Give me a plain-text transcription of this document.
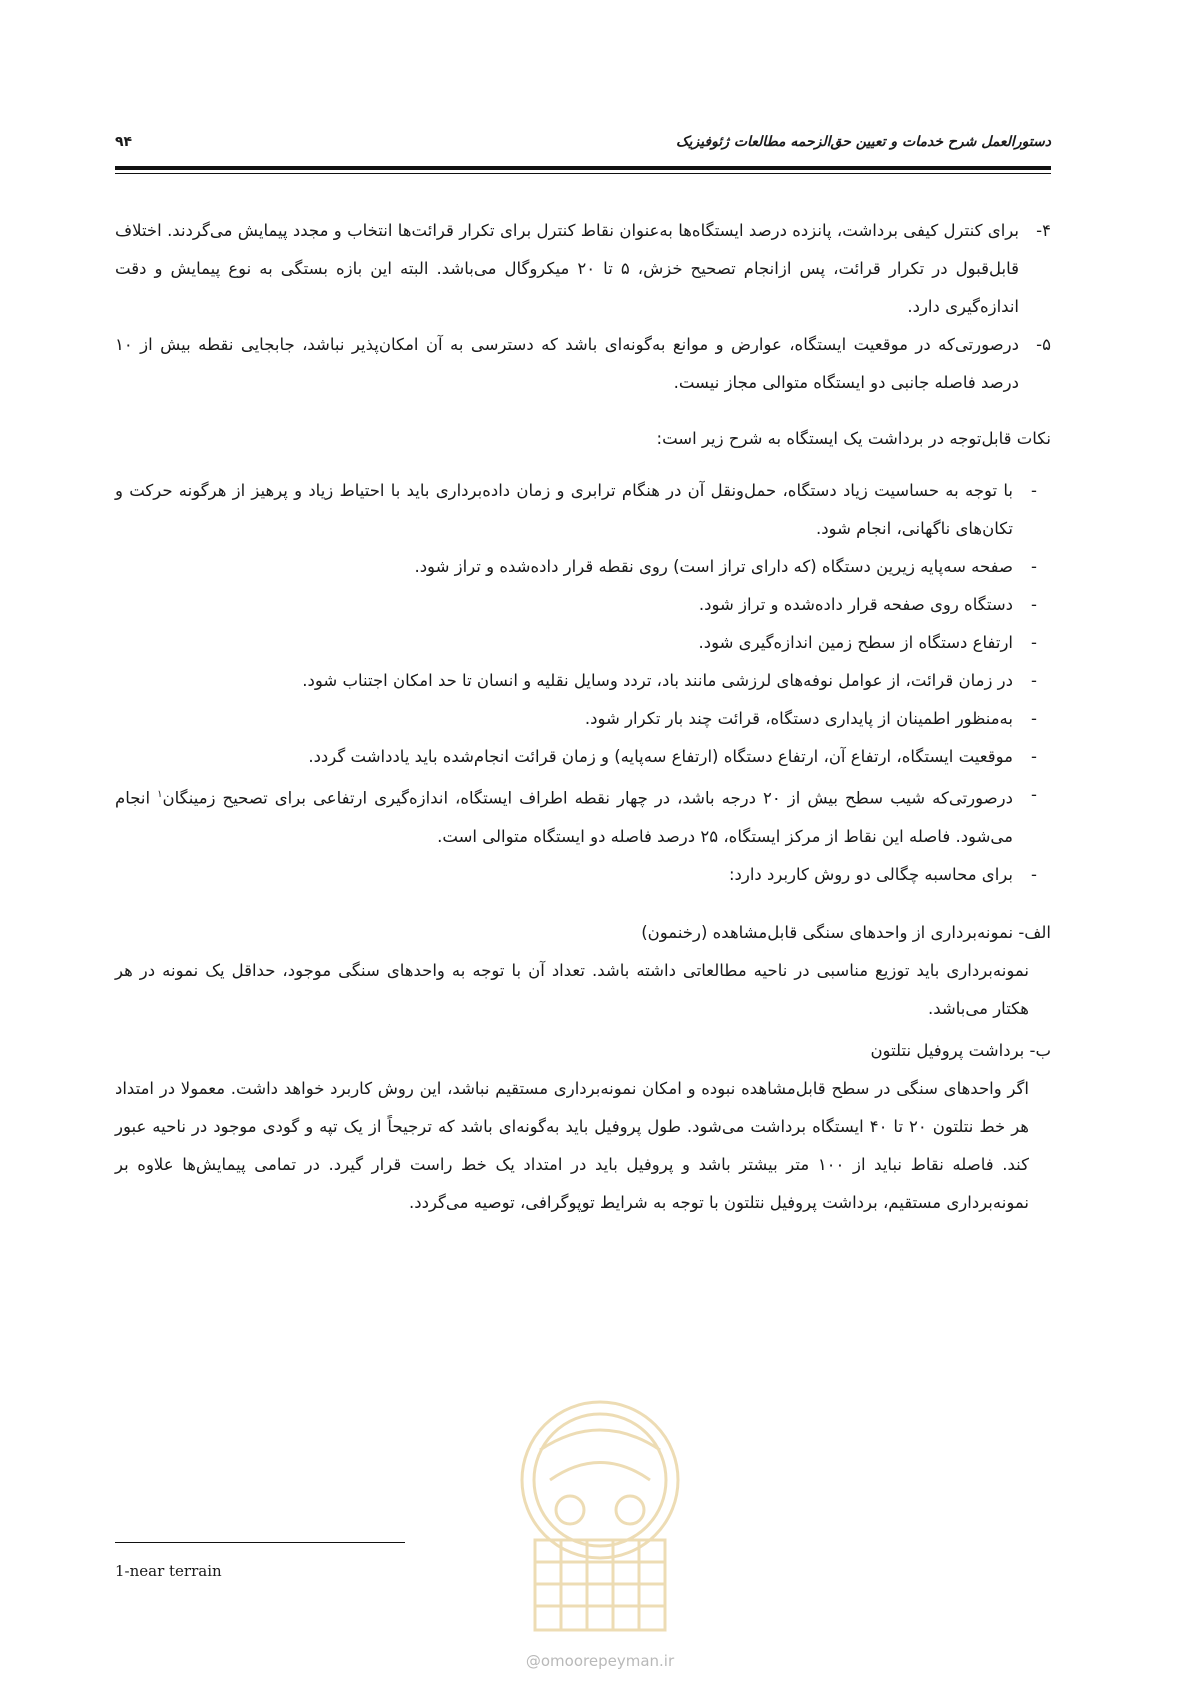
۹۴	دستورالعمل شرح خدمات و تعیین حق‌الزحمه مطالعات ژئوفیزیک
۴-
برای کنترل کیفی برداشت، پانزده درصد ایستگاه‌ها به‌عنوان نقاط کنترل برای تکرار قرائت‌ها انتخاب و مجدد پیمایش می‌گردند. اختلاف قابل‌قبول در تکرار قرائت، پس ازانجام تصحیح خزش، ۵ تا ۲۰ میکروگال می‌باشد. البته این بازه بستگی به نوع پیمایش و دقت اندازه‌گیری دارد.
۵-
درصورتی‌که در موقعیت ایستگاه، عوارض و موانع به‌گونه‌ای باشد که دسترسی به آن امکان‌پذیر نباشد، جابجایی نقطه بیش از ۱۰ درصد فاصله جانبی دو ایستگاه متوالی مجاز نیست.
نکات قابل‌توجه در برداشت یک ایستگاه به شرح زیر است:
-
با توجه به حساسیت زیاد دستگاه، حمل‌ونقل آن در هنگام ترابری و زمان داده‌برداری باید با احتیاط زیاد و پرهیز از هرگونه حرکت و تکان‌های ناگهانی، انجام شود.
-
صفحه سه‌پایه زیرین دستگاه (که دارای تراز است) روی نقطه قرار داده‌شده و تراز شود.
-
دستگاه روی صفحه قرار داده‌شده و تراز شود.
-
ارتفاع دستگاه از سطح زمین اندازه‌گیری شود.
-
در زمان قرائت، از عوامل نوفه‌های لرزشی مانند باد، تردد وسایل نقلیه و انسان تا حد امکان اجتناب شود.
-
به‌منظور اطمینان از پایداری دستگاه، قرائت چند بار تکرار شود.
-
موقعیت ایستگاه، ارتفاع آن، ارتفاع دستگاه (ارتفاع سه‌پایه) و زمان قرائت انجام‌شده باید یادداشت گردد.
-
درصورتی‌که شیب سطح بیش از ۲۰ درجه باشد، در چهار نقطه اطراف ایستگاه، اندازه‌گیری ارتفاعی برای تصحیح زمینگان$^۱$ انجام می‌شود. فاصله این نقاط از مرکز ایستگاه، ۲۵ درصد فاصله دو ایستگاه متوالی است.
-
برای محاسبه چگالی دو روش کاربرد دارد:
الف- نمونه‌برداری از واحدهای سنگی قابل‌مشاهده (رخنمون)
نمونه‌برداری باید توزیع مناسبی در ناحیه مطالعاتی داشته باشد. تعداد آن با توجه به واحدهای سنگی موجود، حداقل یک نمونه در هر هکتار می‌باشد.
ب- برداشت پروفیل نتلتون
اگر واحدهای سنگی در سطح قابل‌مشاهده نبوده و امکان نمونه‌برداری مستقیم نباشد، این روش کاربرد خواهد داشت. معمولا در امتداد هر خط نتلتون ۲۰ تا ۴۰ ایستگاه برداشت می‌شود. طول پروفیل باید به‌گونه‌ای باشد که ترجیحاً از یک تپه و گودی موجود در ناحیه عبور کند. فاصله نقاط نباید از ۱۰۰ متر بیشتر باشد و پروفیل باید در امتداد یک خط راست قرار گیرد. در تمامی پیمایش‌ها علاوه بر نمونه‌برداری مستقیم، برداشت پروفیل نتلتون با توجه به شرایط توپوگرافی، توصیه می‌گردد.
1-near terrain
@omoorepeyman.ir
